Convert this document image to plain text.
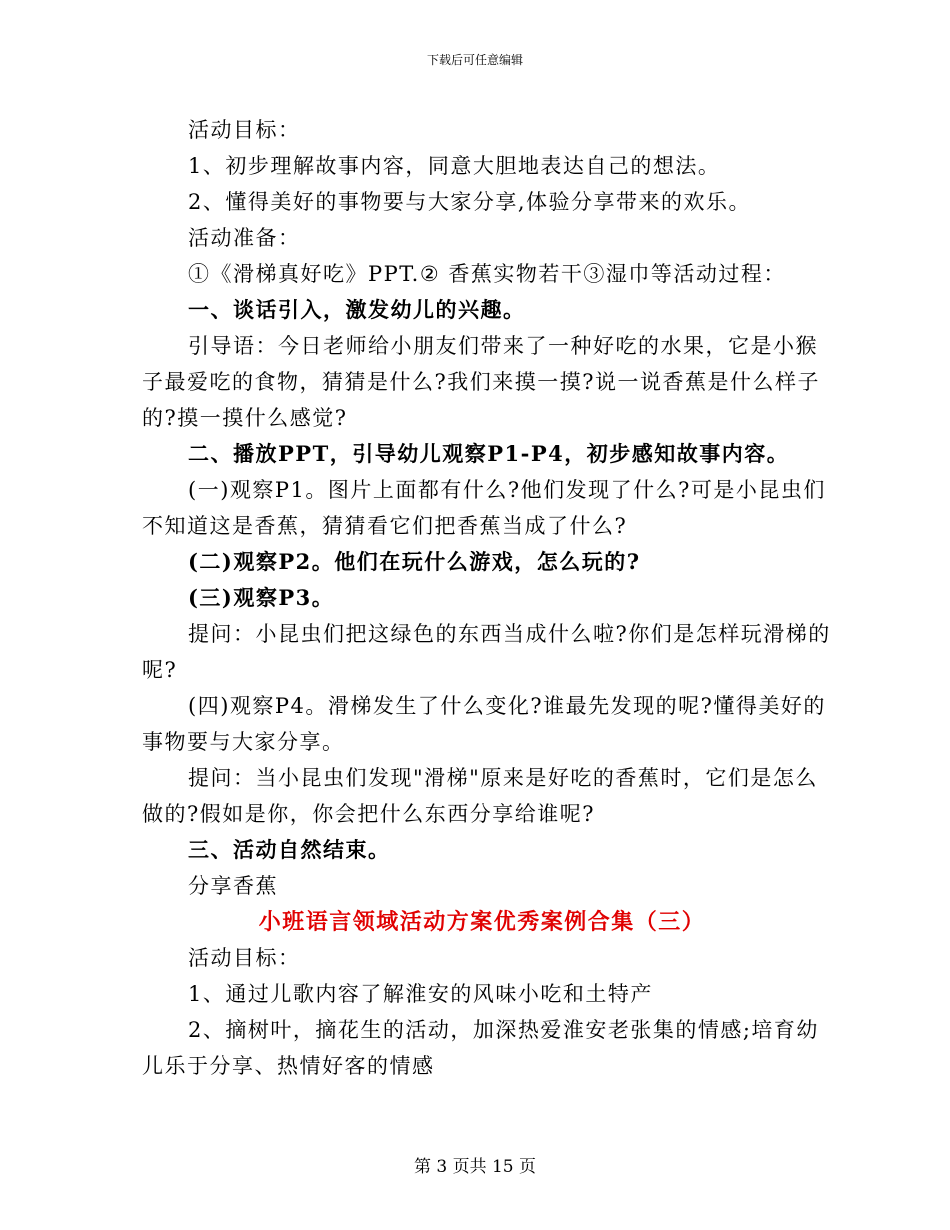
下载后可任意编辑

活动目标：

1、初步理解故事内容，同意大胆地表达自己的想法。

2、懂得美好的事物要与大家分享,体验分享带来的欢乐。

活动准备：

①《滑梯真好吃》PPT.② 香蕉实物若干③湿巾等活动过程：

一、谈话引入，激发幼儿的兴趣。

引导语：今日老师给小朋友们带来了一种好吃的水果，它是小猴

子最爱吃的食物，猜猜是什么?我们来摸一摸?说一说香蕉是什么样子

的?摸一摸什么感觉?

二、播放PPT，引导幼儿观察P1-P4，初步感知故事内容。

(一)观察P1。图片上面都有什么?他们发现了什么?可是小昆虫们

不知道这是香蕉，猜猜看它们把香蕉当成了什么?

(二)观察P2。他们在玩什么游戏，怎么玩的?

(三)观察P3。

提问：小昆虫们把这绿色的东西当成什么啦?你们是怎样玩滑梯的

呢?

(四)观察P4。滑梯发生了什么变化?谁最先发现的呢?懂得美好的

事物要与大家分享。

提问：当小昆虫们发现"滑梯"原来是好吃的香蕉时，它们是怎么

做的?假如是你，你会把什么东西分享给谁呢?

三、活动自然结束。

分享香蕉

小班语言领域活动方案优秀案例合集（三）

活动目标：

1、通过儿歌内容了解淮安的风味小吃和土特产

2、摘树叶，摘花生的活动，加深热爱淮安老张集的情感;培育幼

儿乐于分享、热情好客的情感

第 3 页共 15 页
